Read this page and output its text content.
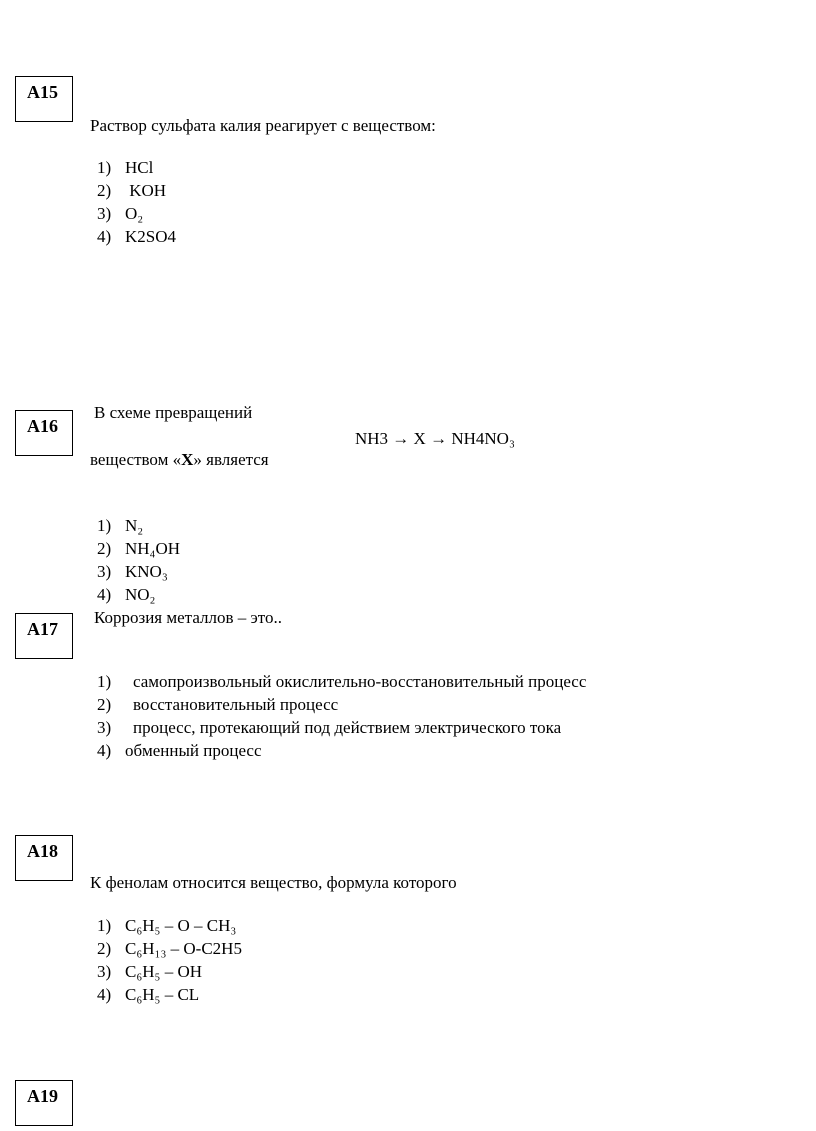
А15
Раствор сульфата калия реагирует с веществом:
1) HCl
2) KOH
3) O₂
4) K2SO4
А16
В схеме превращений
NH3 → X → NH4NO₃
веществом «Х» является
1) N₂
2) NH₄OH
3) KNO₃
4) NO₂
А17
Коррозия металлов – это..
1) самопроизвольный окислительно-восстановительный процесс
2) восстановительный процесс
3) процесс, протекающий под действием электрического тока
4) обменный процесс
А18
К фенолам относится вещество, формула которого
1) C₆H₅ – O – CH₃
2) C₆H₁₃ – O-C2H5
3) C₆H₅ – OH
4) C₆H₅ – CL
А19
